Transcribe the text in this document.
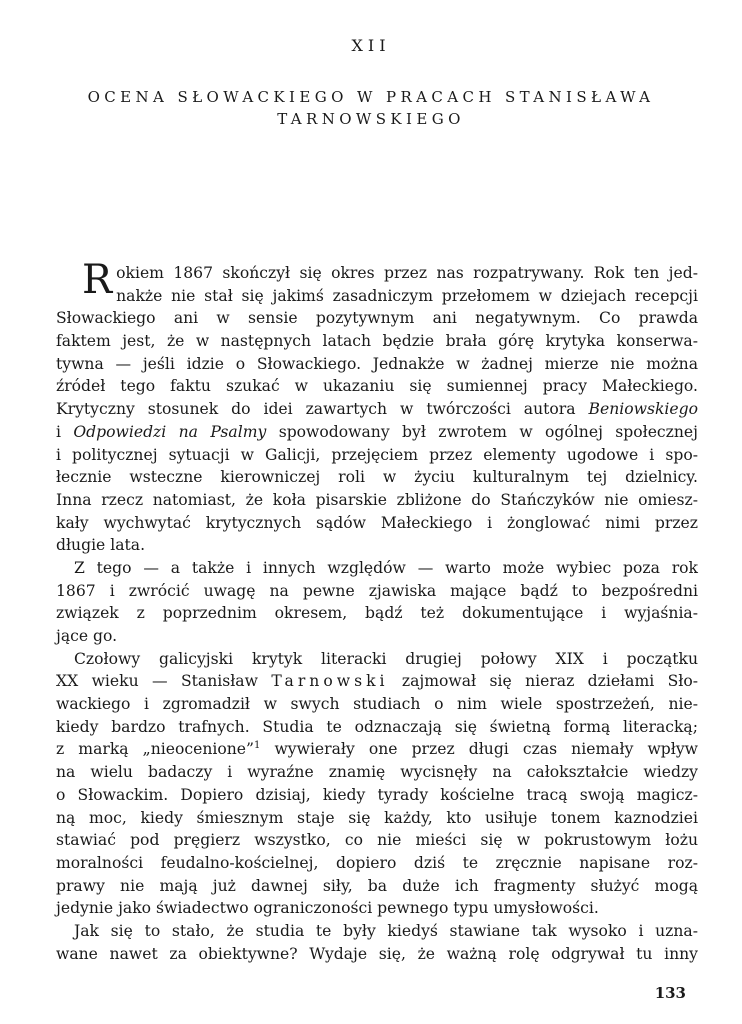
XII
OCENA SŁOWACKIEGO W PRACACH STANISŁAWA
TARNOWSKIEGO
Rokiem 1867 skończył się okres przez nas rozpatrywany. Rok ten jed-
nakże nie stał się jakimś zasadniczym przełomem w dziejach recepcji
Słowackiego ani w sensie pozytywnym ani negatywnym. Co prawda
faktem jest, że w następnych latach będzie brała górę krytyka konserwa-
tywna — jeśli idzie o Słowackiego. Jednakże w żadnej mierze nie można
źródeł tego faktu szukać w ukazaniu się sumiennej pracy Małeckiego.
Krytyczny stosunek do idei zawartych w twórczości autora Beniowskiego
i Odpowiedzi na Psalmy spowodowany był zwrotem w ogólnej społecznej
i politycznej sytuacji w Galicji, przejęciem przez elementy ugodowe i spo-
łecznie wsteczne kierowniczej roli w życiu kulturalnym tej dzielnicy.
Inna rzecz natomiast, że koła pisarskie zbliżone do Stańczyków nie omiesz-
kały wychwytać krytycznych sądów Małeckiego i żonglować nimi przez
długie lata.
Z tego — a także i innych względów — warto może wybiec poza rok
1867 i zwrócić uwagę na pewne zjawiska mające bądź to bezpośredni
związek z poprzednim okresem, bądź też dokumentujące i wyjaśnia-
jące go.
Czołowy galicyjski krytyk literacki drugiej połowy XIX i początku
XX wieku — Stanisław Tarnowski zajmował się nieraz dziełami Sło-
wackiego i zgromadził w swych studiach o nim wiele spostrzeżeń, nie-
kiedy bardzo trafnych. Studia te odznaczają się świetną formą literacką;
z marką „nieocenione”$^1$ wywierały one przez długi czas niemały wpływ
na wielu badaczy i wyraźne znamię wycisnęły na całokształcie wiedzy
o Słowackim. Dopiero dzisiaj, kiedy tyrady kościelne tracą swoją magicz-
ną moc, kiedy śmiesznym staje się każdy, kto usiłuje tonem kaznodziei
stawiać pod pręgierz wszystko, co nie mieści się w pokrustowym łożu
moralności feudalno-kościelnej, dopiero dziś te zręcznie napisane roz-
prawy nie mają już dawnej siły, ba duże ich fragmenty służyć mogą
jedynie jako świadectwo ograniczoności pewnego typu umysłowości.
Jak się to stało, że studia te były kiedyś stawiane tak wysoko i uzna-
wane nawet za obiektywne? Wydaje się, że ważną rolę odgrywał tu inny
133
